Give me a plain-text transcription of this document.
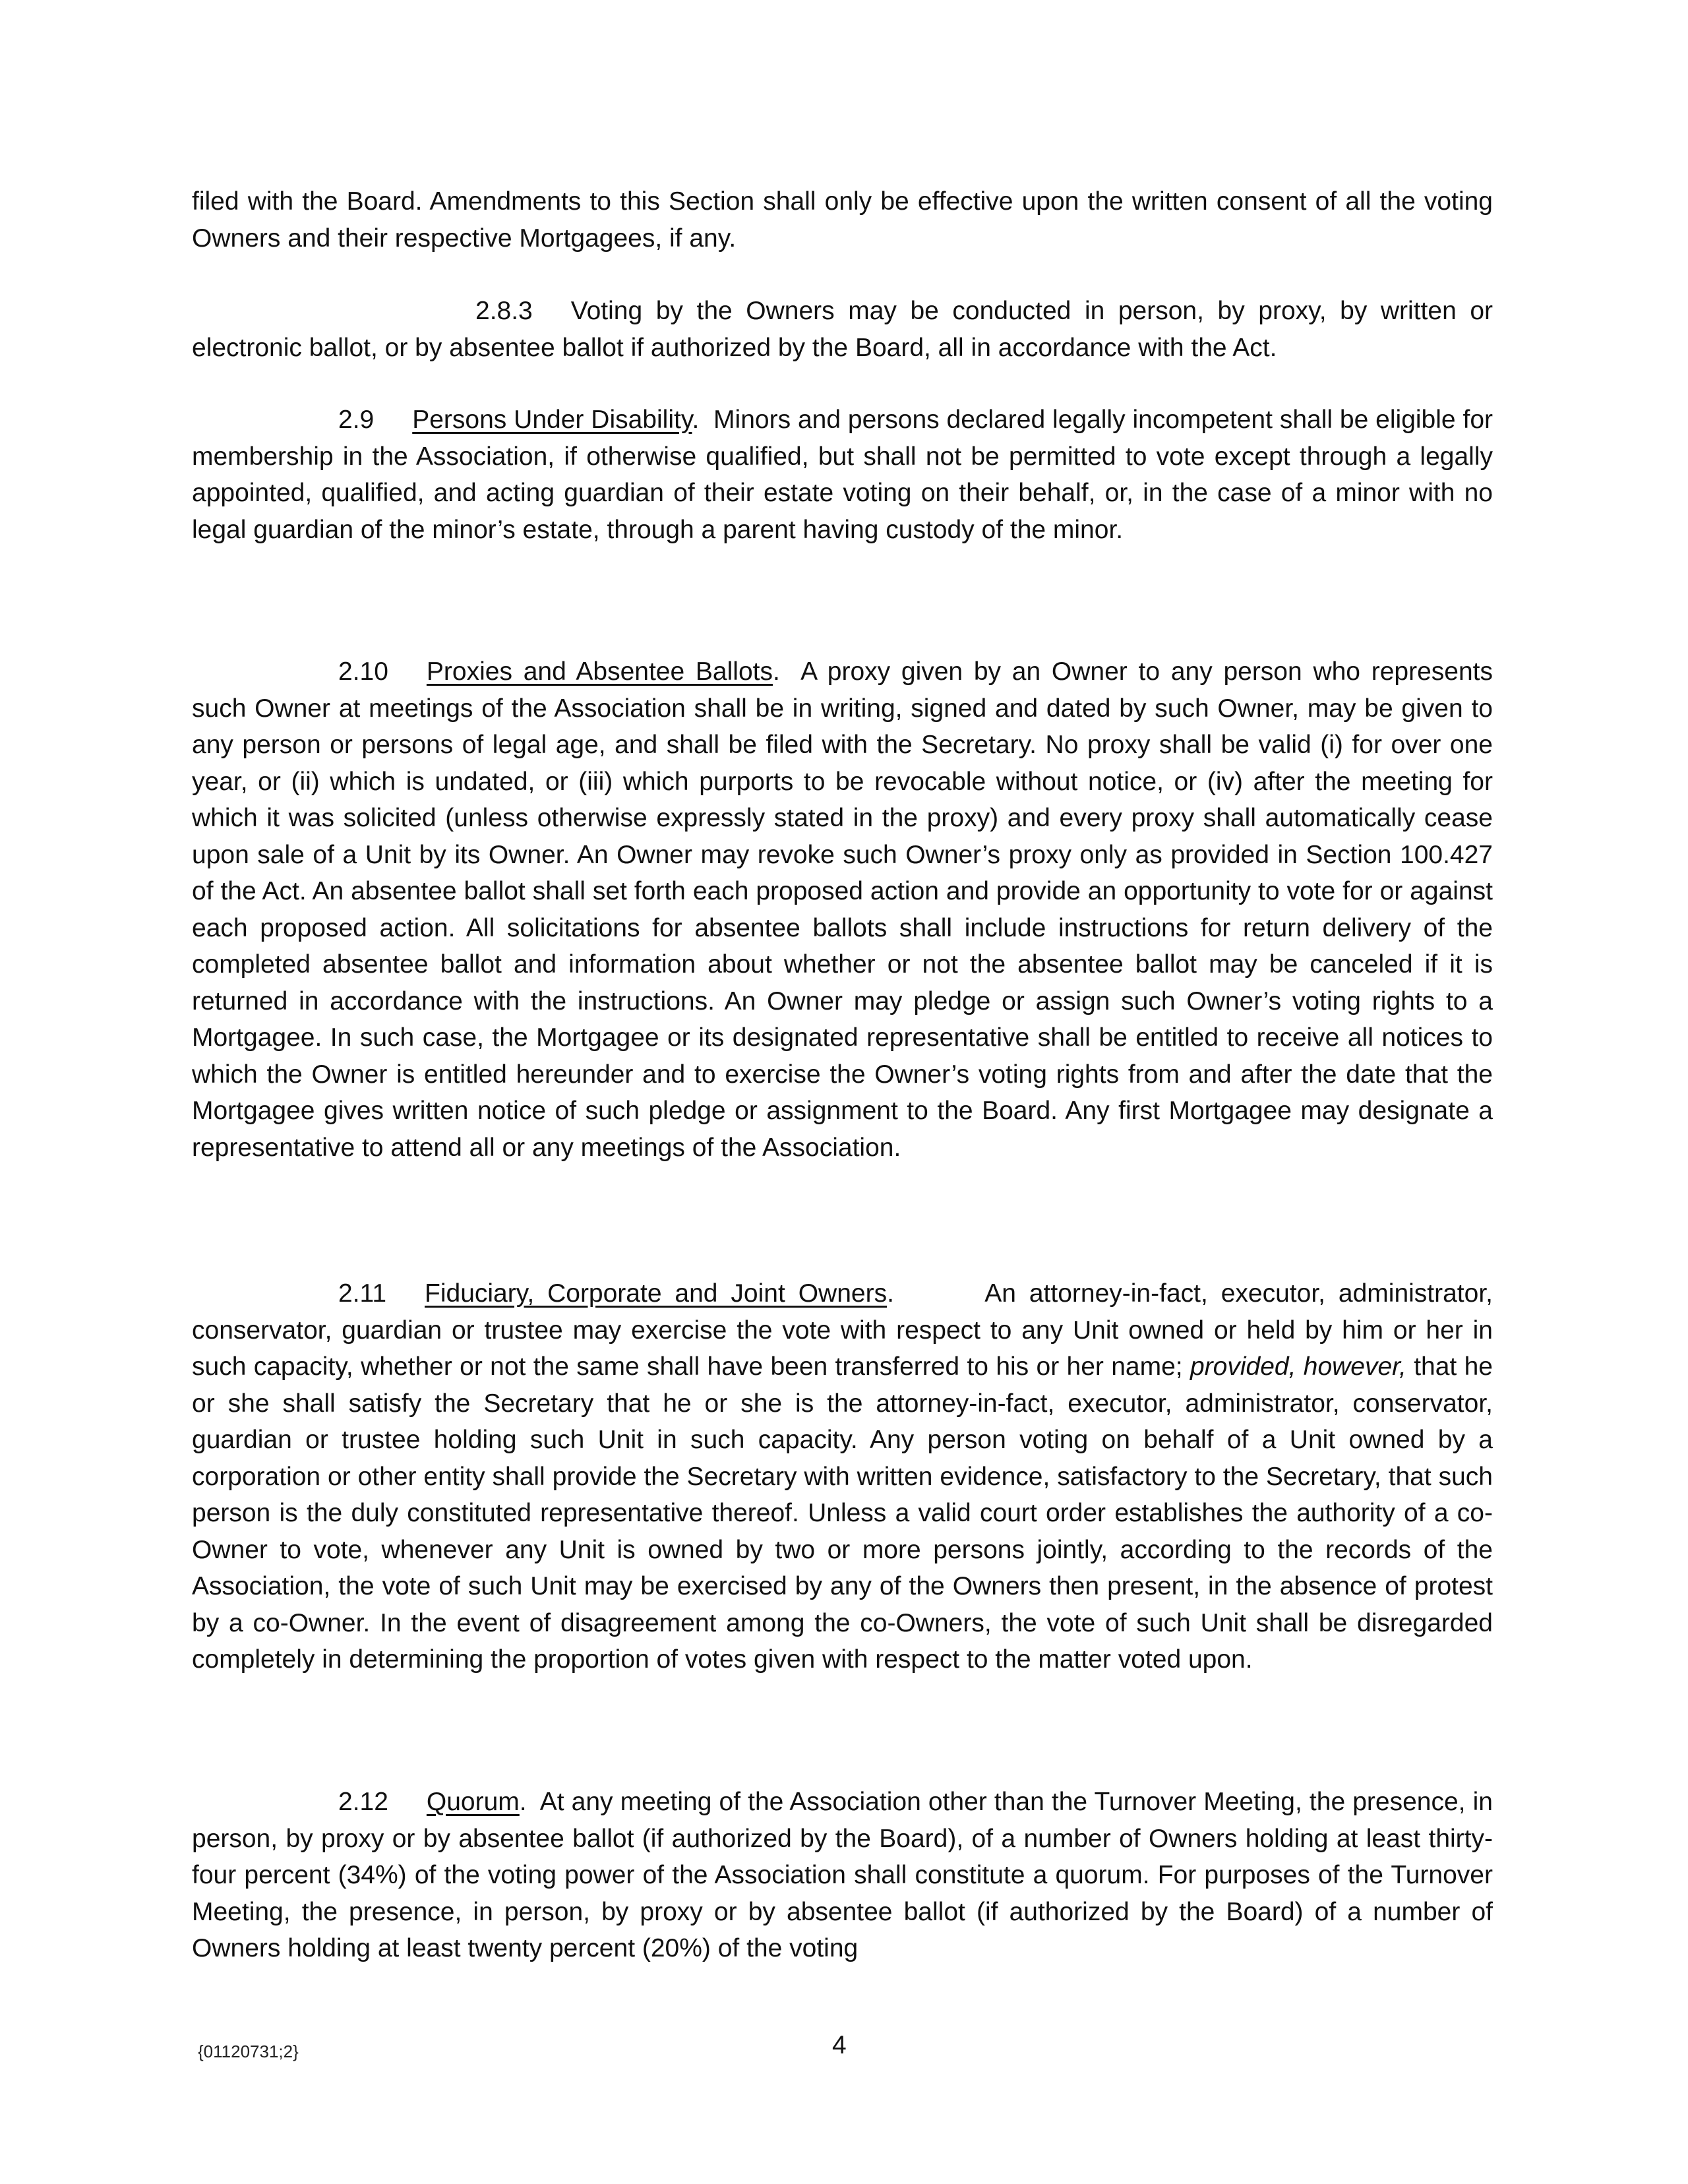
filed with the Board. Amendments to this Section shall only be effective upon the written consent of all the voting Owners and their respective Mortgagees, if any.

2.8.3 Voting by the Owners may be conducted in person, by proxy, by written or electronic ballot, or by absentee ballot if authorized by the Board, all in accordance with the Act.

2.9 Persons Under Disability.  Minors and persons declared legally incompetent shall be eligible for membership in the Association, if otherwise qualified, but shall not be permitted to vote except through a legally appointed, qualified, and acting guardian of their estate voting on their behalf, or, in the case of a minor with no legal guardian of the minor’s estate, through a parent having custody of the minor.

2.10 Proxies and Absentee Ballots.  A proxy given by an Owner to any person who represents such Owner at meetings of the Association shall be in writing, signed and dated by such Owner, may be given to any person or persons of legal age, and shall be filed with the Secretary. No proxy shall be valid (i) for over one year, or (ii) which is undated, or (iii) which purports to be revocable without notice, or (iv) after the meeting for which it was solicited (unless otherwise expressly stated in the proxy) and every proxy shall automatically cease upon sale of a Unit by its Owner. An Owner may revoke such Owner’s proxy only as provided in Section 100.427 of the Act. An absentee ballot shall set forth each proposed action and provide an opportunity to vote for or against each proposed action. All solicitations for absentee ballots shall include instructions for return delivery of the completed absentee ballot and information about whether or not the absentee ballot may be canceled if it is returned in accordance with the instructions. An Owner may pledge or assign such Owner’s voting rights to a Mortgagee. In such case, the Mortgagee or its designated representative shall be entitled to receive all notices to which the Owner is entitled hereunder and to exercise the Owner’s voting rights from and after the date that the Mortgagee gives written notice of such pledge or assignment to the Board. Any first Mortgagee may designate a representative to attend all or any meetings of the Association.

2.11 Fiduciary, Corporate and Joint Owners.       An attorney-in-fact, executor, administrator, conservator, guardian or trustee may exercise the vote with respect to any Unit owned or held by him or her in such capacity, whether or not the same shall have been transferred to his or her name; provided, however, that he or she shall satisfy the Secretary that he or she is the attorney-in-fact, executor, administrator, conservator, guardian or trustee holding such Unit in such capacity. Any person voting on behalf of a Unit owned by a corporation or other entity shall provide the Secretary with written evidence, satisfactory to the Secretary, that such person is the duly constituted representative thereof. Unless a valid court order establishes the authority of a co-Owner to vote, whenever any Unit is owned by two or more persons jointly, according to the records of the Association, the vote of such Unit may be exercised by any of the Owners then present, in the absence of protest by a co-Owner. In the event of disagreement among the co-Owners, the vote of such Unit shall be disregarded completely in determining the proportion of votes given with respect to the matter voted upon.

2.12 Quorum.  At any meeting of the Association other than the Turnover Meeting, the presence, in person, by proxy or by absentee ballot (if authorized by the Board), of a number of Owners holding at least thirty-four percent (34%) of the voting power of the Association shall constitute a quorum. For purposes of the Turnover Meeting, the presence, in person, by proxy or by absentee ballot (if authorized by the Board) of a number of Owners holding at least twenty percent (20%) of the voting

{01120731;2}	4
